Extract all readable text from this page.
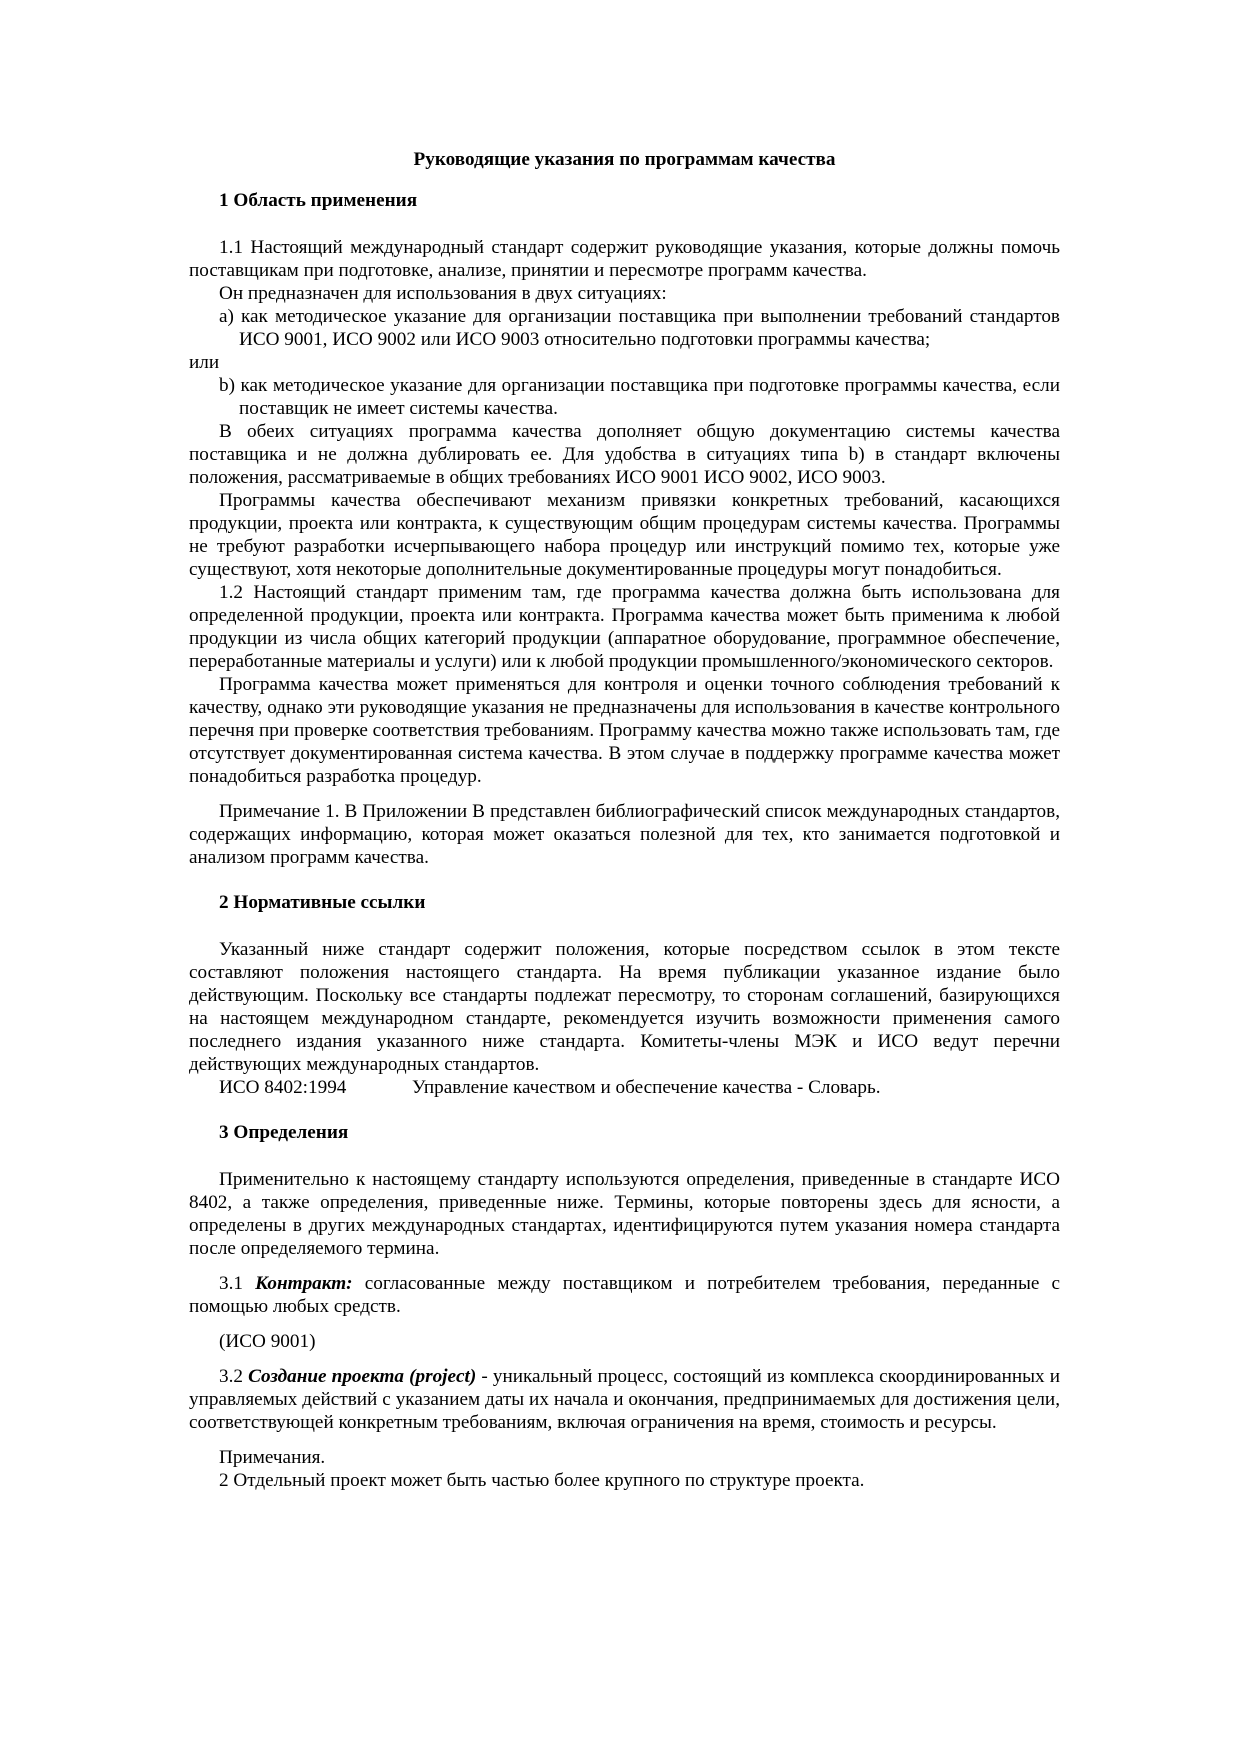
Руководящие указания по программам качества

1 Область применения

1.1 Настоящий международный стандарт содержит руководящие указания, которые должны помочь поставщикам при подготовке, анализе, принятии и пересмотре программ качества.

Он предназначен для использования в двух ситуациях:

a) как методическое указание для организации поставщика при выполнении требований стандартов ИСО 9001, ИСО 9002 или ИСО 9003 относительно подготовки программы качества;

или

b) как методическое указание для организации поставщика при подготовке программы качества, если поставщик не имеет системы качества.

В обеих ситуациях программа качества дополняет общую документацию системы качества поставщика и не должна дублировать ее. Для удобства в ситуациях типа b) в стандарт включены положения, рассматриваемые в общих требованиях ИСО 9001 ИСО 9002, ИСО 9003.

Программы качества обеспечивают механизм привязки конкретных требований, касающихся продукции, проекта или контракта, к существующим общим процедурам системы качества. Программы не требуют разработки исчерпывающего набора процедур или инструкций помимо тех, которые уже существуют, хотя некоторые дополнительные документированные процедуры могут понадобиться.

1.2 Настоящий стандарт применим там, где программа качества должна быть использована для определенной продукции, проекта или контракта. Программа качества может быть применима к любой продукции из числа общих категорий продукции (аппаратное оборудование, программное обеспечение, переработанные материалы и услуги) или к любой продукции промышленного/экономического секторов.

Программа качества может применяться для контроля и оценки точного соблюдения требований к качеству, однако эти руководящие указания не предназначены для использования в качестве контрольного перечня при проверке соответствия требованиям. Программу качества можно также использовать там, где отсутствует документированная система качества. В этом случае в поддержку программе качества может понадобиться разработка процедур.

Примечание 1. В Приложении В представлен библиографический список международных стандартов, содержащих информацию, которая может оказаться полезной для тех, кто занимается подготовкой и анализом программ качества.

2 Нормативные ссылки

Указанный ниже стандарт содержит положения, которые посредством ссылок в этом тексте составляют положения настоящего стандарта. На время публикации указанное издание было действующим. Поскольку все стандарты подлежат пересмотру, то сторонам соглашений, базирующихся на настоящем международном стандарте, рекомендуется изучить возможности применения самого последнего издания указанного ниже стандарта. Комитеты-члены МЭК и ИСО ведут перечни действующих международных стандартов.

ИСО 8402:1994	Управление качеством и обеспечение качества - Словарь.

3 Определения

Применительно к настоящему стандарту используются определения, приведенные в стандарте ИСО 8402, а также определения, приведенные ниже. Термины, которые повторены здесь для ясности, а определены в других международных стандартах, идентифицируются путем указания номера стандарта после определяемого термина.

3.1 Контракт: согласованные между поставщиком и потребителем требования, переданные с помощью любых средств.

(ИСО 9001)

3.2 Создание проекта (project) - уникальный процесс, состоящий из комплекса скоординированных и управляемых действий с указанием даты их начала и окончания, предпринимаемых для достижения цели, соответствующей конкретным требованиям, включая ограничения на время, стоимость и ресурсы.

Примечания.

2 Отдельный проект может быть частью более крупного по структуре проекта.
